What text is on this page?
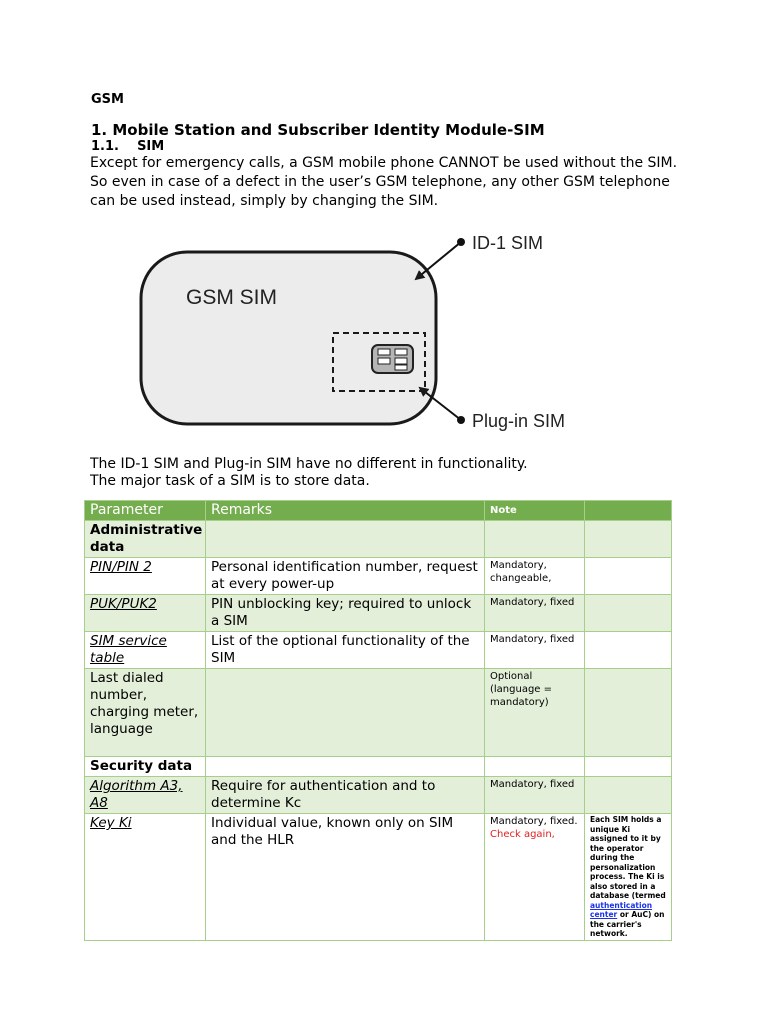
GSM
1. Mobile Station and Subscriber Identity Module-SIM
1.1.    SIM

Except for emergency calls, a GSM mobile phone CANNOT be used without the SIM.

So even in case of a defect in the user’s GSM telephone, any other GSM telephone

can be used instead, simply by changing the SIM.

GSM SIM
ID-1 SIM
Plug-in SIM

The ID-1 SIM and Plug-in SIM have no different in functionality.

The major task of a SIM is to store data.

Parameter	Remarks	Note	
Administrative data			
PIN/PIN 2	Personal identification number, request at every power-up	Mandatory, changeable,	
PUK/PUK2	PIN unblocking key; required to unlock a SIM	Mandatory, fixed	
SIM service table	List of the optional functionality of the SIM	Mandatory, fixed	
Last dialed number, charging meter, language		Optional (language = mandatory)	
Security data			
Algorithm A3, A8	Require for authentication and to determine Kc	Mandatory, fixed	
Key Ki	Individual value, known only on SIM and the HLR	Mandatory, fixed. Check again,	Each SIM holds a unique Ki assigned to it by the operator during the personalization process. The Ki is also stored in a database (termed authentication center or AuC) on the carrier's network.
